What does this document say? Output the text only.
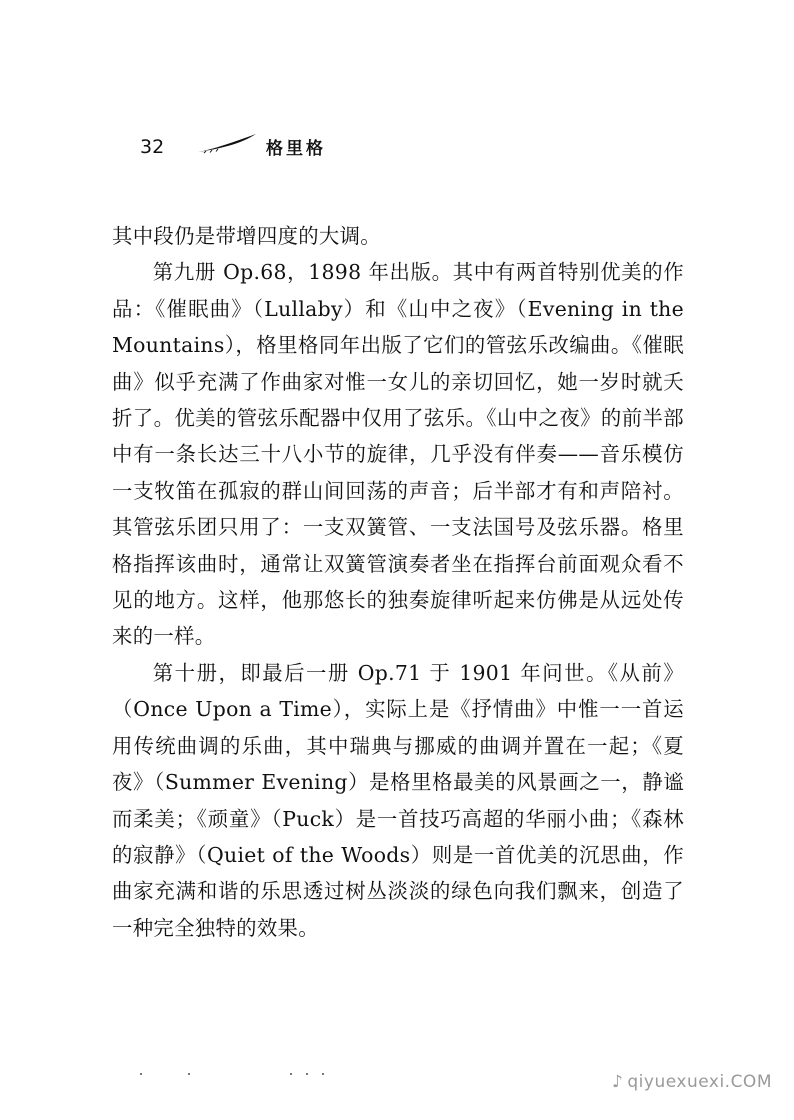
32	格里格

其中段仍是带增四度的大调。

第九册 Op.68，1898 年出版。其中有两首特别优美的作品：《催眠曲》（Lullaby）和《山中之夜》（Evening in the Mountains），格里格同年出版了它们的管弦乐改编曲。《催眠曲》似乎充满了作曲家对惟一女儿的亲切回忆，她一岁时就夭折了。优美的管弦乐配器中仅用了弦乐。《山中之夜》的前半部中有一条长达三十八小节的旋律，几乎没有伴奏——音乐模仿一支牧笛在孤寂的群山间回荡的声音；后半部才有和声陪衬。其管弦乐团只用了：一支双簧管、一支法国号及弦乐器。格里格指挥该曲时，通常让双簧管演奏者坐在指挥台前面观众看不见的地方。这样，他那悠长的独奏旋律听起来仿佛是从远处传来的一样。

第十册，即最后一册 Op.71 于 1901 年问世。《从前》（Once Upon a Time），实际上是《抒情曲》中惟一一首运用传统曲调的乐曲，其中瑞典与挪威的曲调并置在一起；《夏夜》（Summer Evening）是格里格最美的风景画之一，静谧而柔美；《顽童》（Puck）是一首技巧高超的华丽小曲；《森林的寂静》（Quiet of the Woods）则是一首优美的沉思曲，作曲家充满和谐的乐思透过树丛淡淡的绿色向我们飘来，创造了一种完全独特的效果。

♪ qiyuexuexi.COM
